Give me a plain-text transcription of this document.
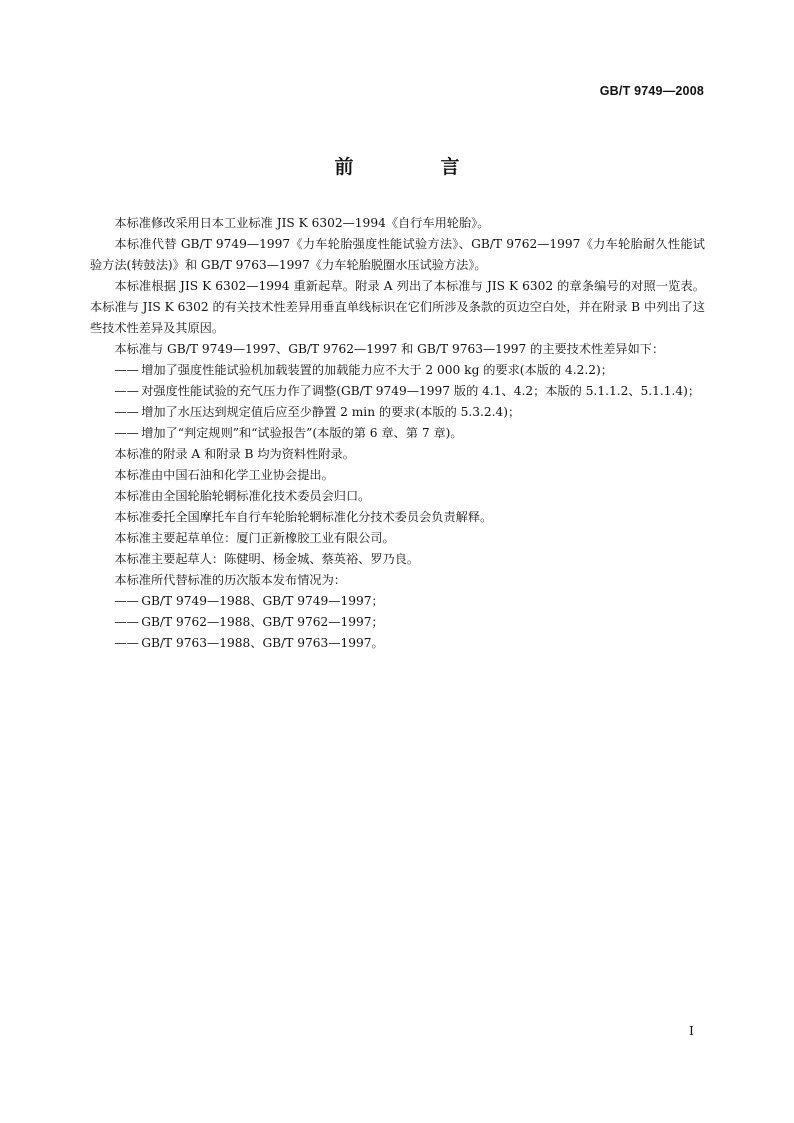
GB/T 9749—2008
前　言

本标准修改采用日本工业标准 JIS K 6302—1994《自行车用轮胎》。

本标准代替 GB/T 9749—1997《力车轮胎强度性能试验方法》、GB/T 9762—1997《力车轮胎耐久性能试验方法(转鼓法)》和 GB/T 9763—1997《力车轮胎脱圈水压试验方法》。

本标准根据 JIS K 6302—1994 重新起草。附录 A 列出了本标准与 JIS K 6302 的章条编号的对照一览表。本标准与 JIS K 6302 的有关技术性差异用垂直单线标识在它们所涉及条款的页边空白处，并在附录 B 中列出了这些技术性差异及其原因。

本标准与 GB/T 9749—1997、GB/T 9762—1997 和 GB/T 9763—1997 的主要技术性差异如下：

—— 增加了强度性能试验机加载装置的加载能力应不大于 2 000 kg 的要求(本版的 4.2.2)；

—— 对强度性能试验的充气压力作了调整(GB/T 9749—1997 版的 4.1、4.2；本版的 5.1.1.2、5.1.1.4)；

—— 增加了水压达到规定值后应至少静置 2 min 的要求(本版的 5.3.2.4)；

—— 增加了“判定规则”和“试验报告”(本版的第 6 章、第 7 章)。

本标准的附录 A 和附录 B 均为资料性附录。

本标准由中国石油和化学工业协会提出。

本标准由全国轮胎轮辋标准化技术委员会归口。

本标准委托全国摩托车自行车轮胎轮辋标准化分技术委员会负责解释。

本标准主要起草单位：厦门正新橡胶工业有限公司。

本标准主要起草人：陈健明、杨金城、蔡英裕、罗乃良。

本标准所代替标准的历次版本发布情况为：

—— GB/T 9749—1988、GB/T 9749—1997；

—— GB/T 9762—1988、GB/T 9762—1997；

—— GB/T 9763—1988、GB/T 9763—1997。

I
